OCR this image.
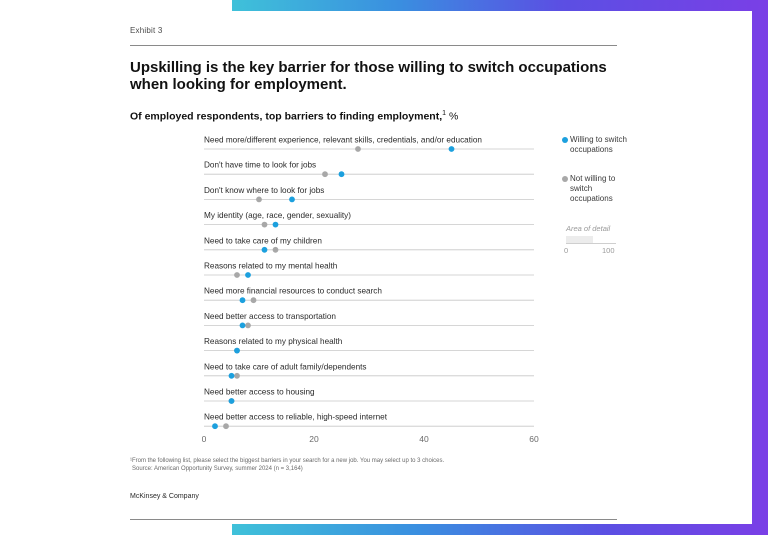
Exhibit 3
Upskilling is the key barrier for those willing to switch occupations when looking for employment.
Of employed respondents, top barriers to finding employment,$^1$ %
Need more/different experience, relevant skills, credentials, and/or education
Don't have time to look for jobs
Don't know where to look for jobs
My identity (age, race, gender, sexuality)
Need to take care of my children
Reasons related to my mental health
Need more financial resources to conduct search
Need better access to transportation
Reasons related to my physical health
Need to take care of adult family/dependents
Need better access to housing
Need better access to reliable, high-speed internet
0	20	40	60
Willing to switch occupations
Not willing to switch occupations
Area of detail
0	100
¹From the following list, please select the biggest barriers in your search for a new job. You may select up to 3 choices.
Source: American Opportunity Survey, summer 2024 (n = 3,164)
McKinsey & Company
